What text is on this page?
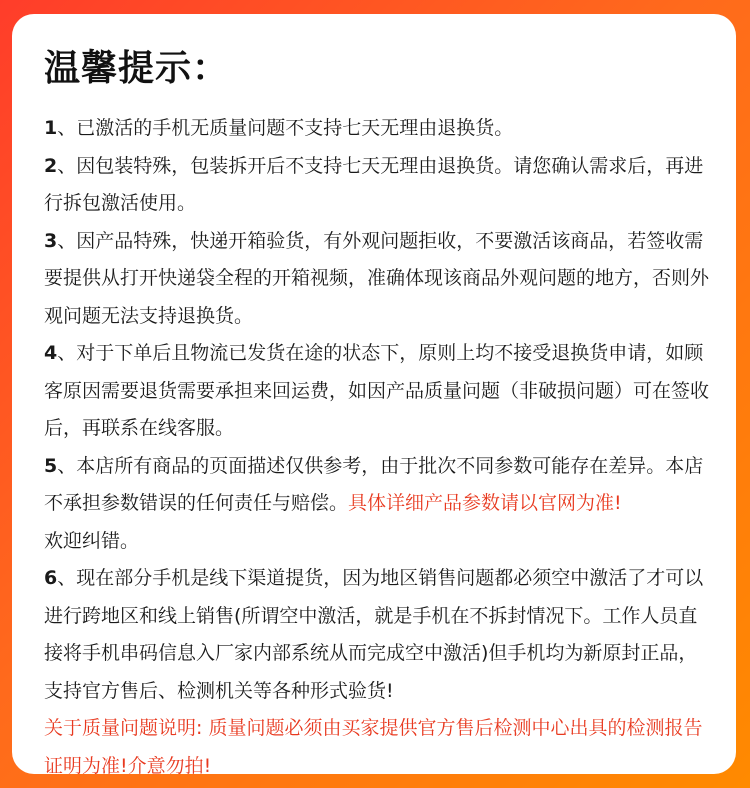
温馨提示：

1、已激活的手机无质量问题不支持七天无理由退换货。

2、因包装特殊，包装拆开后不支持七天无理由退换货。请您确认需求后，再进行拆包激活使用。

3、因产品特殊，快递开箱验货，有外观问题拒收，不要激活该商品，若签收需要提供从打开快递袋全程的开箱视频，准确体现该商品外观问题的地方，否则外观问题无法支持退换货。

4、对于下单后且物流已发货在途的状态下，原则上均不接受退换货申请，如顾客原因需要退货需要承担来回运费，如因产品质量问题（非破损问题）可在签收后，再联系在线客服。

5、本店所有商品的页面描述仅供参考，由于批次不同参数可能存在差异。本店不承担参数错误的任何责任与赔偿。具体详细产品参数请以官网为准!
欢迎纠错。

6、现在部分手机是线下渠道提货，因为地区销售问题都必须空中激活了才可以进行跨地区和线上销售(所谓空中激活，就是手机在不拆封情况下。工作人员直接将手机串码信息入厂家内部系统从而完成空中激活)但手机均为新原封正品，支持官方售后、检测机关等各种形式验货!

关于质量问题说明: 质量问题必须由买家提供官方售后检测中心出具的检测报告证明为准!介意勿拍!
